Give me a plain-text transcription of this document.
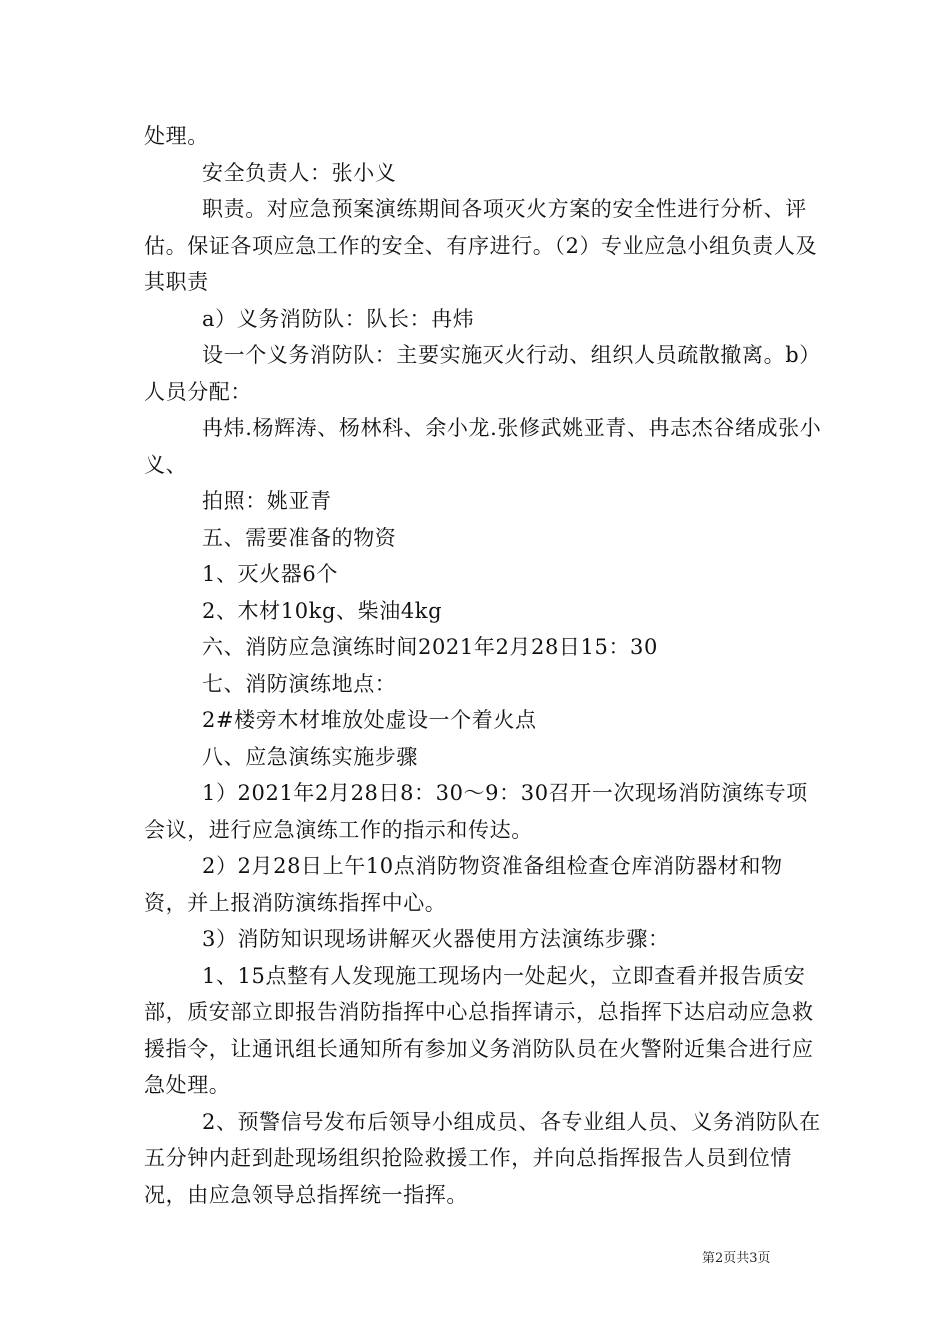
处理。

安全负责人：张小义

职责。对应急预案演练期间各项灭火方案的安全性进行分析、评估。保证各项应急工作的安全、有序进行。（2）专业应急小组负责人及其职责

a）义务消防队：队长：冉炜

设一个义务消防队：主要实施灭火行动、组织人员疏散撤离。b）人员分配：

冉炜.杨辉涛、杨林科、余小龙.张修武姚亚青、冉志杰谷绪成张小义、

拍照：姚亚青

五、需要准备的物资

1、灭火器6个

2、木材10kg、柴油4kg

六、消防应急演练时间2021年2月28日15：30

七、消防演练地点：

2#楼旁木材堆放处虚设一个着火点

八、应急演练实施步骤

1）2021年2月28日8：30～9：30召开一次现场消防演练专项会议，进行应急演练工作的指示和传达。

2）2月28日上午10点消防物资准备组检查仓库消防器材和物资，并上报消防演练指挥中心。

3）消防知识现场讲解灭火器使用方法演练步骤：

1、15点整有人发现施工现场内一处起火，立即查看并报告质安部，质安部立即报告消防指挥中心总指挥请示，总指挥下达启动应急救援指令，让通讯组长通知所有参加义务消防队员在火警附近集合进行应急处理。

2、预警信号发布后领导小组成员、各专业组人员、义务消防队在五分钟内赶到赴现场组织抢险救援工作，并向总指挥报告人员到位情况，由应急领导总指挥统一指挥。

第2页共3页
